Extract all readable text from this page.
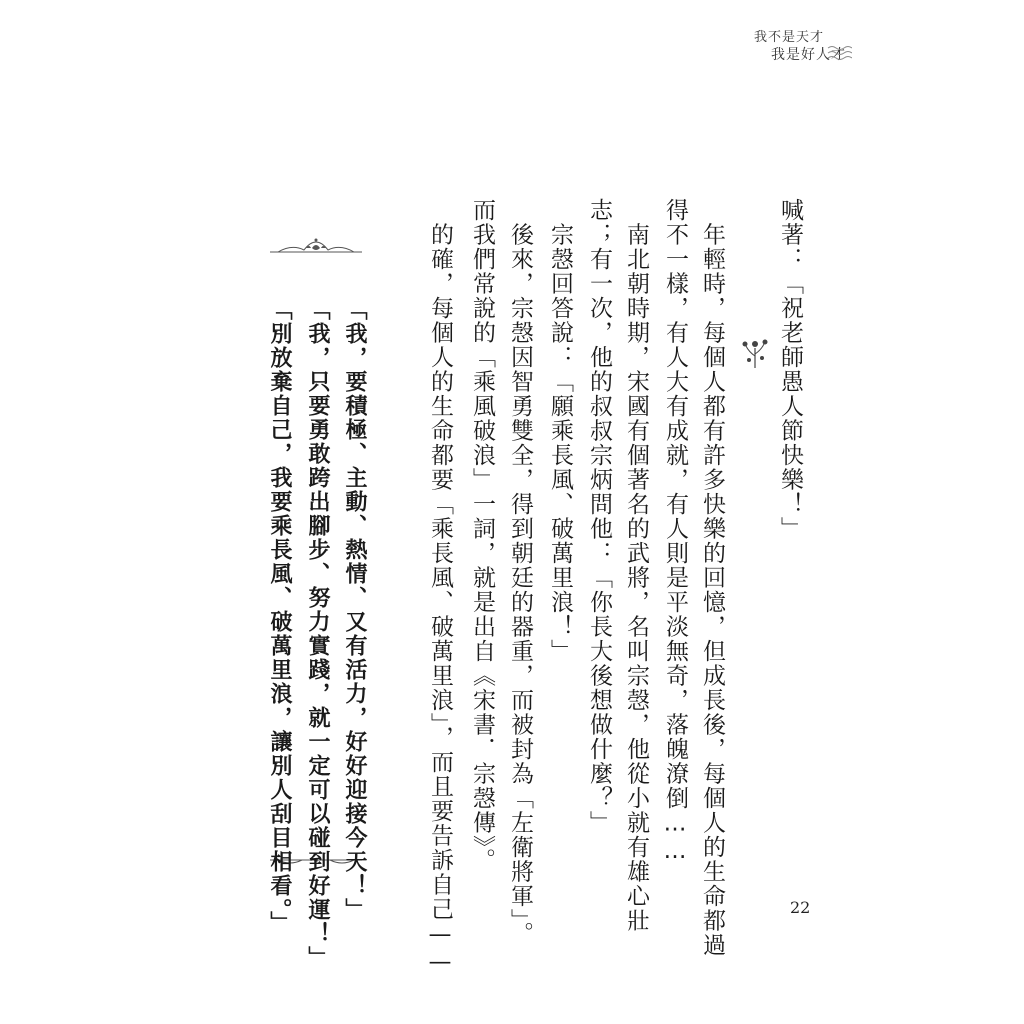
我不是天才
我是好人才
喊著：「祝老師愚人節快樂！」
　年輕時，每個人都有許多快樂的回憶，但成長後，每個人的生命都過
得不一樣，有人大有成就，有人則是平淡無奇，落魄潦倒……
　南北朝時期，宋國有個著名的武將，名叫宗愨，他從小就有雄心壯
志；有一次，他的叔叔宗炳問他：「你長大後想做什麼？」
　宗愨回答說：「願乘長風、破萬里浪！」
　後來，宗愨因智勇雙全，得到朝廷的器重，而被封為「左衛將軍」。
而我們常說的「乘風破浪」一詞，就是出自《宋書．宗愨傳》。
　的確，每個人的生命都要「乘長風、破萬里浪」，而且要告訴自己——
「我，要積極、主動、熱情、又有活力，好好迎接今天！」
「我，只要勇敢跨出腳步、努力實踐，就一定可以碰到好運！」
「別放棄自己，我要乘長風、破萬里浪，讓別人刮目相看。」	22
